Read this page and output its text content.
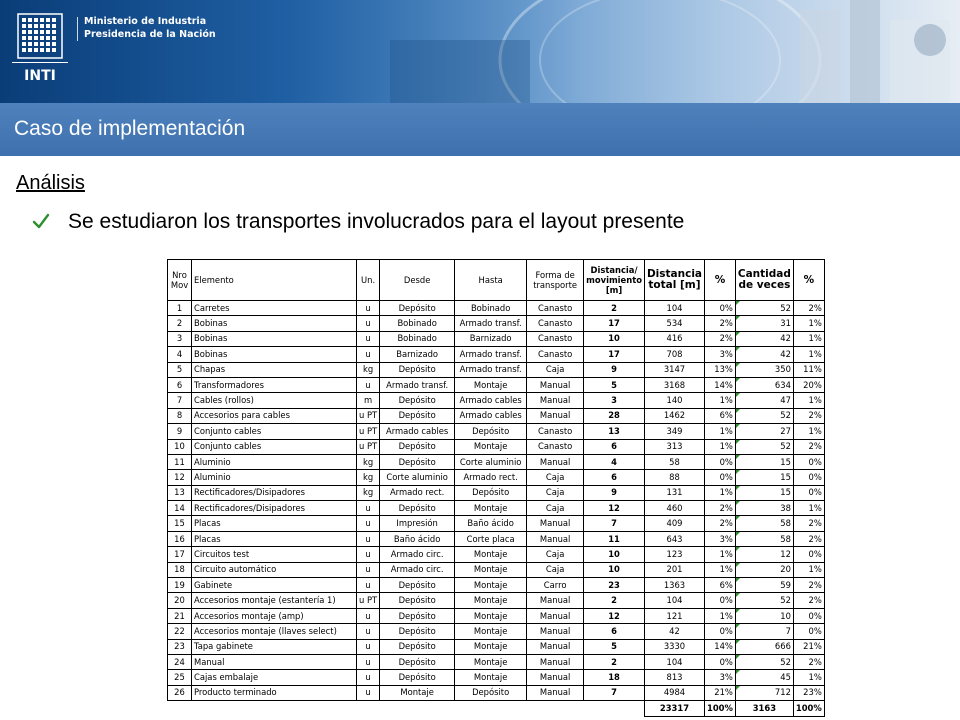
INTI
Ministerio de Industria
Presidencia de la Nación
Caso de implementación
Análisis
Se estudiaron los transportes involucrados para el layout presente
Nro Mov	Elemento	Un.	Desde	Hasta	Forma de transporte	Distancia/ movimiento [m]	Distancia total [m]	%	Cantidad de veces	%
1	Carretes	u	Depósito	Bobinado	Canasto	2	104	0%	52	2%
2	Bobinas	u	Bobinado	Armado transf.	Canasto	17	534	2%	31	1%
3	Bobinas	u	Bobinado	Barnizado	Canasto	10	416	2%	42	1%
4	Bobinas	u	Barnizado	Armado transf.	Canasto	17	708	3%	42	1%
5	Chapas	kg	Depósito	Armado transf.	Caja	9	3147	13%	350	11%
6	Transformadores	u	Armado transf.	Montaje	Manual	5	3168	14%	634	20%
7	Cables (rollos)	m	Depósito	Armado cables	Manual	3	140	1%	47	1%
8	Accesorios para cables	u PT	Depósito	Armado cables	Manual	28	1462	6%	52	2%
9	Conjunto cables	u PT	Armado cables	Depósito	Canasto	13	349	1%	27	1%
10	Conjunto cables	u PT	Depósito	Montaje	Canasto	6	313	1%	52	2%
11	Aluminio	kg	Depósito	Corte aluminio	Manual	4	58	0%	15	0%
12	Aluminio	kg	Corte aluminio	Armado rect.	Caja	6	88	0%	15	0%
13	Rectificadores/Disipadores	kg	Armado rect.	Depósito	Caja	9	131	1%	15	0%
14	Rectificadores/Disipadores	u	Depósito	Montaje	Caja	12	460	2%	38	1%
15	Placas	u	Impresión	Baño ácido	Manual	7	409	2%	58	2%
16	Placas	u	Baño ácido	Corte placa	Manual	11	643	3%	58	2%
17	Circuitos test	u	Armado circ.	Montaje	Caja	10	123	1%	12	0%
18	Circuito automático	u	Armado circ.	Montaje	Caja	10	201	1%	20	1%
19	Gabinete	u	Depósito	Montaje	Carro	23	1363	6%	59	2%
20	Accesorios montaje (estantería 1)	u PT	Depósito	Montaje	Manual	2	104	0%	52	2%
21	Accesorios montaje (amp)	u	Depósito	Montaje	Manual	12	121	1%	10	0%
22	Accesorios montaje (llaves select)	u	Depósito	Montaje	Manual	6	42	0%	7	0%
23	Tapa gabinete	u	Depósito	Montaje	Manual	5	3330	14%	666	21%
24	Manual	u	Depósito	Montaje	Manual	2	104	0%	52	2%
25	Cajas embalaje	u	Depósito	Montaje	Manual	18	813	3%	45	1%
26	Producto terminado	u	Montaje	Depósito	Manual	7	4984	21%	712	23%
							23317	100%	3163	100%
